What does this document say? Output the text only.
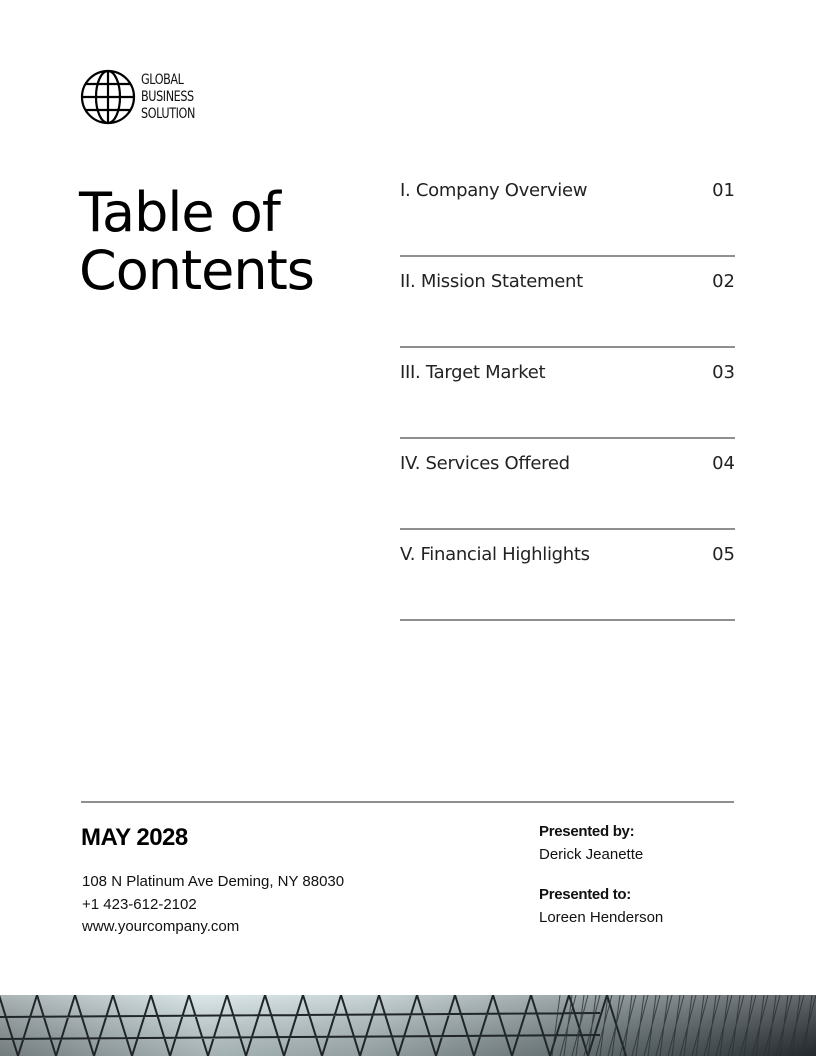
GLOBAL
BUSINESS
SOLUTION
Table of
Contents
I. Company Overview	01
II. Mission Statement	02
III. Target Market	03
IV. Services Offered	04
V. Financial Highlights	05
MAY 2028
108 N Platinum Ave Deming, NY 88030
+1 423-612-2102
www.yourcompany.com
Presented by:
Derick Jeanette
Presented to:
Loreen Henderson
